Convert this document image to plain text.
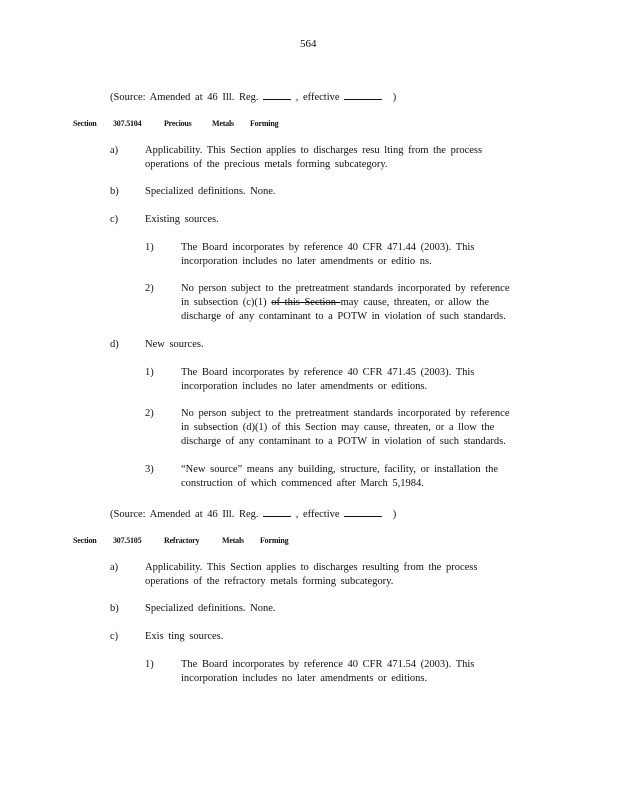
564
(Source: Amended at 46 Ill. Reg.	, effective	)
Section 307.5104	Precious	Metals Forming
a)	Applicability. This Section applies to discharges resu lting from the process
operations of the precious metals forming subcategory.
b)	Specialized definitions. None.
c)	Existing sources.
1)	The Board incorporates by reference 40 CFR 471.44 (2003). This
incorporation includes no later amendments or editio ns.
2)	No person subject to the pretreatment standards incorporated by reference
in subsection (c)(1) of this Section may cause, threaten, or allow the
discharge of any contaminant to a POTW in violation of such standards.
d)	New sources.
1)	The Board incorporates by reference 40 CFR 471.45 (2003). This
incorporation includes no later amendments or editions.
2)	No person subject to the pretreatment standards incorporated by reference
in subsection (d)(1) of this Section may cause, threaten, or a llow the
discharge of any contaminant to a POTW in violation of such standards.
3)	“New source” means any building, structure, facility, or installation the
construction of which commenced after March 5,1984.
(Source: Amended at 46 Ill. Reg.	, effective	)
Section 307.5105	Refractory	Metals Forming
a)	Applicability. This Section applies to discharges resulting from the process
operations of the refractory metals forming subcategory.
b)	Specialized definitions. None.
c)	Exis ting sources.
1)	The Board incorporates by reference 40 CFR 471.54 (2003). This
incorporation includes no later amendments or editions.
